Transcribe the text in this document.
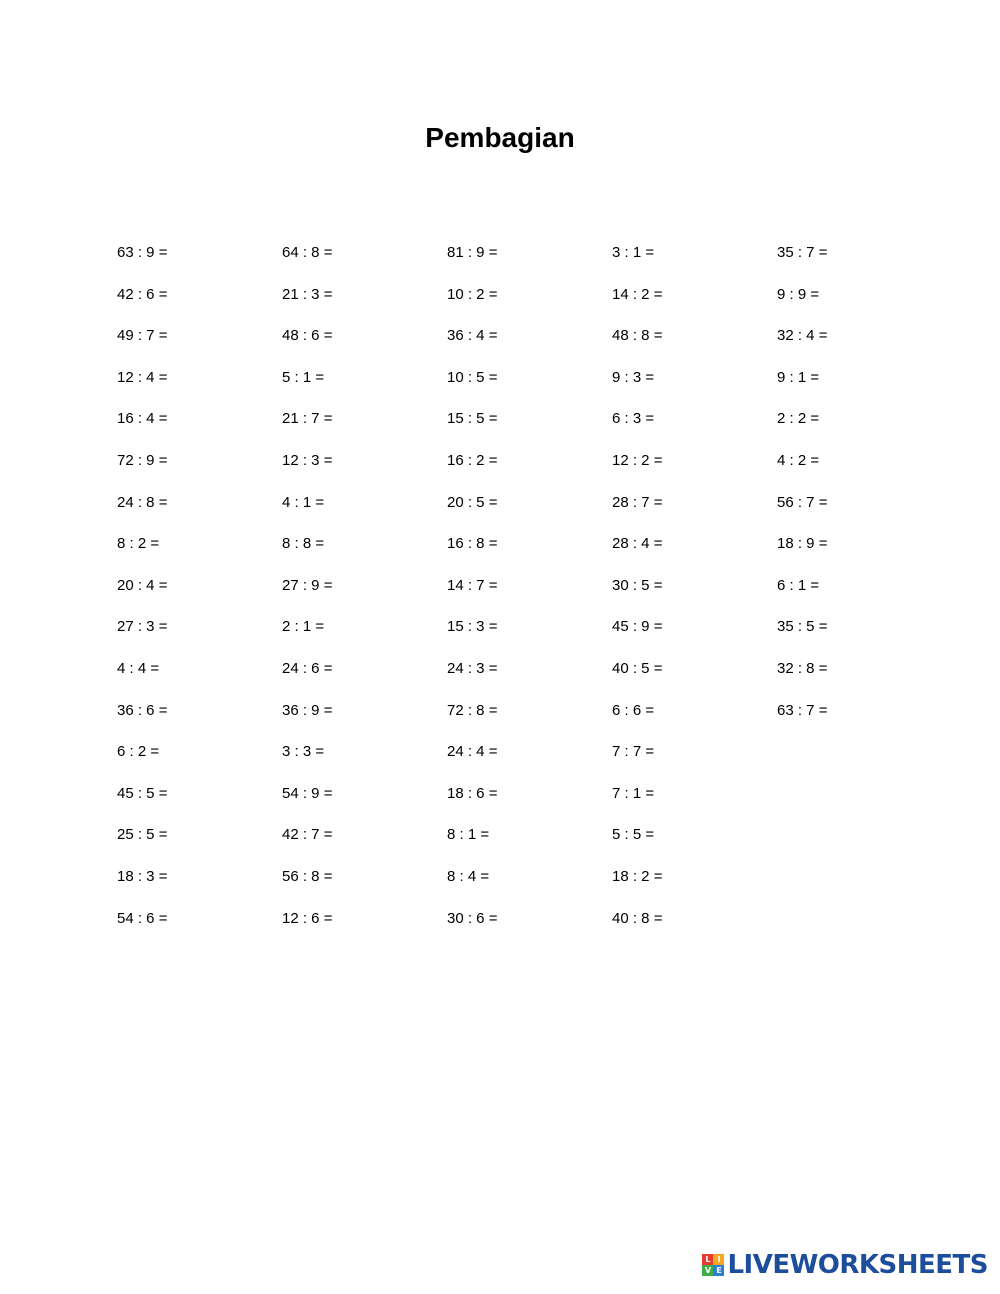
Pembagian
63 : 9 =
42 : 6 =
49 : 7 =
12 : 4 =
16 : 4 =
72 : 9 =
24 : 8 =
8 : 2 =
20 : 4 =
27 : 3 =
4 : 4 =
36 : 6 =
6 : 2 =
45 : 5 =
25 : 5 =
18 : 3 =
54 : 6 =
64 : 8 =
21 : 3 =
48 : 6 =
5 : 1 =
21 : 7 =
12 : 3 =
4 : 1 =
8 : 8 =
27 : 9 =
2 : 1 =
24 : 6 =
36 : 9 =
3 : 3 =
54 : 9 =
42 : 7 =
56 : 8 =
12 : 6 =
81 : 9 =
10 : 2 =
36 : 4 =
10 : 5 =
15 : 5 =
16 : 2 =
20 : 5 =
16 : 8 =
14 : 7 =
15 : 3 =
24 : 3 =
72 : 8 =
24 : 4 =
18 : 6 =
8 : 1 =
8 : 4 =
30 : 6 =
3 : 1 =
14 : 2 =
48 : 8 =
9 : 3 =
6 : 3 =
12 : 2 =
28 : 7 =
28 : 4 =
30 : 5 =
45 : 9 =
40 : 5 =
6 : 6 =
7 : 7 =
7 : 1 =
5 : 5 =
18 : 2 =
40 : 8 =
35 : 7 =
9 : 9 =
32 : 4 =
9 : 1 =
2 : 2 =
4 : 2 =
56 : 7 =
18 : 9 =
6 : 1 =
35 : 5 =
32 : 8 =
63 : 7 =
L I
V E LIVEWORKSHEETS
